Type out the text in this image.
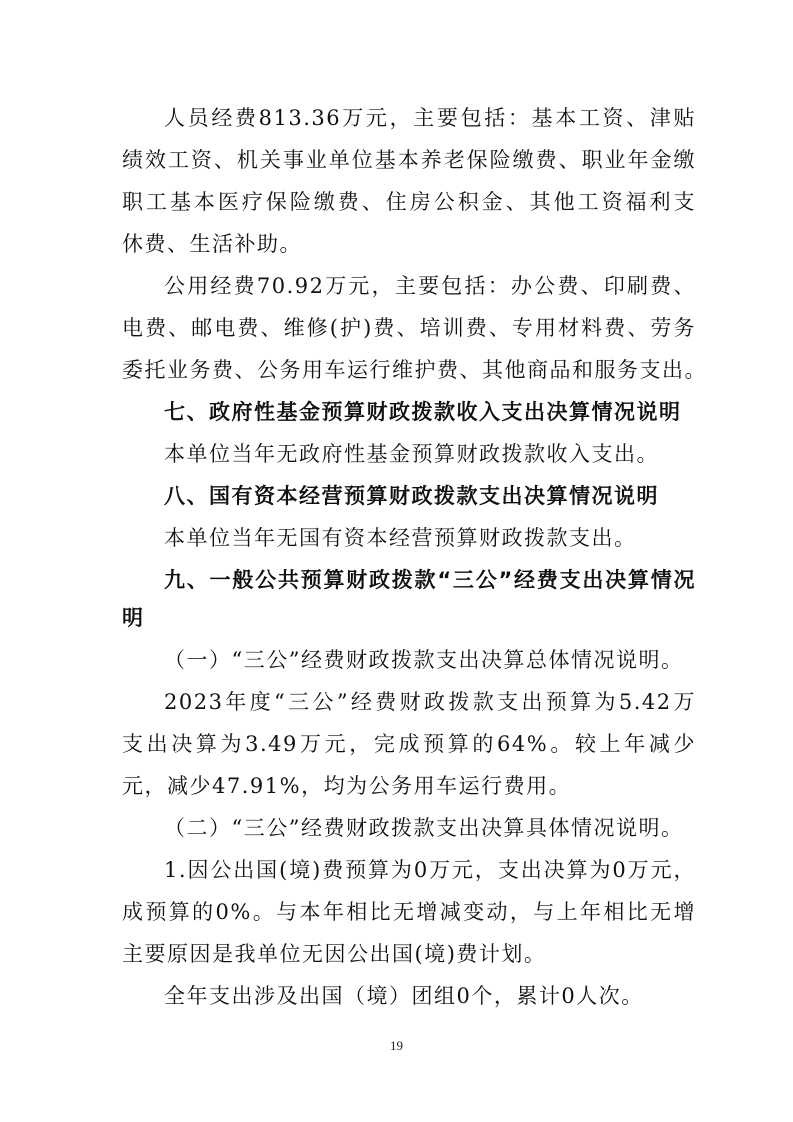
人员经费813.36万元，主要包括：基本工资、津贴
绩效工资、机关事业单位基本养老保险缴费、职业年金缴
职工基本医疗保险缴费、住房公积金、其他工资福利支
休费、生活补助。
公用经费70.92万元，主要包括：办公费、印刷费、
电费、邮电费、维修(护)费、培训费、专用材料费、劳务
委托业务费、公务用车运行维护费、其他商品和服务支出。
七、政府性基金预算财政拨款收入支出决算情况说明
本单位当年无政府性基金预算财政拨款收入支出。
八、国有资本经营预算财政拨款支出决算情况说明
本单位当年无国有资本经营预算财政拨款支出。
九、一般公共预算财政拨款“三公”经费支出决算情况
明
（一）“三公”经费财政拨款支出决算总体情况说明。
2023年度“三公”经费财政拨款支出预算为5.42万
支出决算为3.49万元，完成预算的64%。较上年减少
元，减少47.91%，均为公务用车运行费用。
（二）“三公”经费财政拨款支出决算具体情况说明。
1.因公出国(境)费预算为0万元，支出决算为0万元，
成预算的0%。与本年相比无增减变动，与上年相比无增
主要原因是我单位无因公出国(境)费计划。
全年支出涉及出国（境）团组0个，累计0人次。
19
